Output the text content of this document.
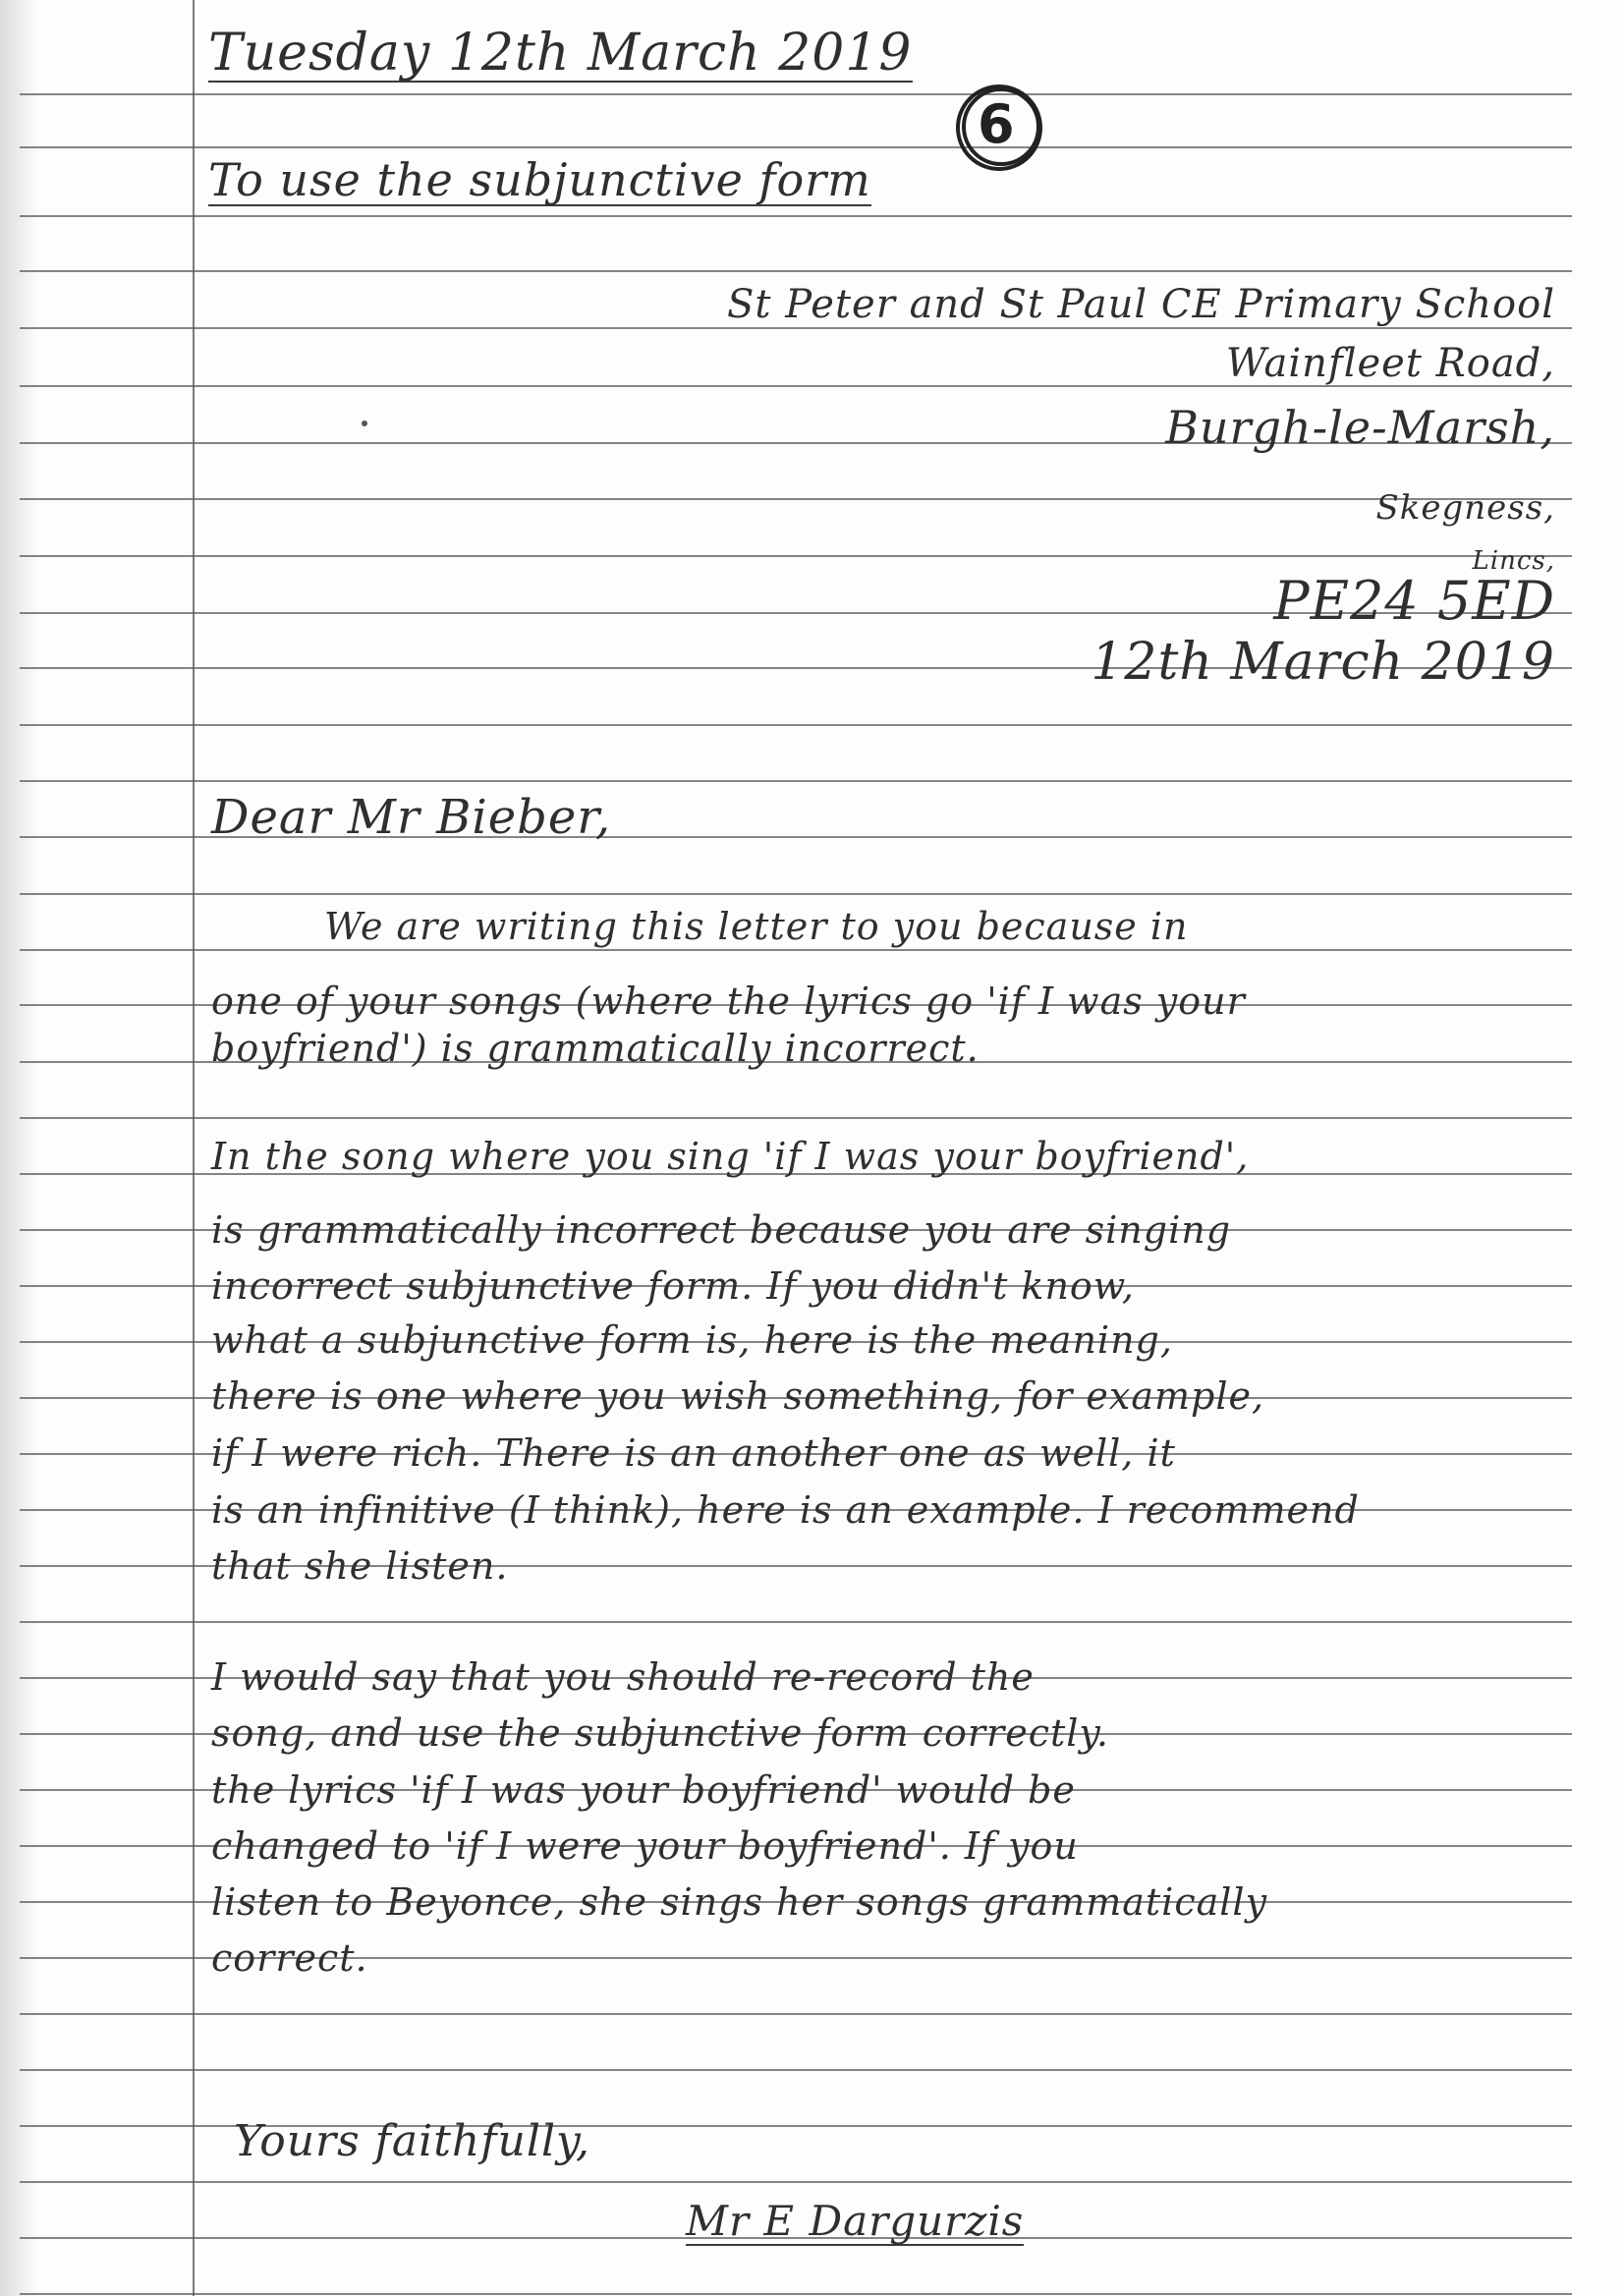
Tuesday 12th March 2019
To use the subjunctive form
6
St Peter and St Paul CE Primary School
Wainfleet Road,
Burgh-le-Marsh,
Skegness,
Lincs,
PE24 5ED
12th March 2019
Dear Mr Bieber,
We are writing this letter to you because in
one of your songs (where the lyrics go 'if I was your
boyfriend') is grammatically incorrect.
In the song where you sing 'if I was your boyfriend',
is grammatically incorrect because you are singing
incorrect subjunctive form. If you didn't know,
what a subjunctive form is, here is the meaning,
there is one where you wish something, for example,
if I were rich. There is an another one as well, it
is an infinitive (I think), here is an example. I recommend
that she listen.
I would say that you should re-record the
song, and use the subjunctive form correctly.
the lyrics 'if I was your boyfriend' would be
changed to 'if I were your boyfriend'. If you
listen to Beyonce, she sings her songs grammatically
correct.
Yours faithfully,
Mr E Dargurzis
